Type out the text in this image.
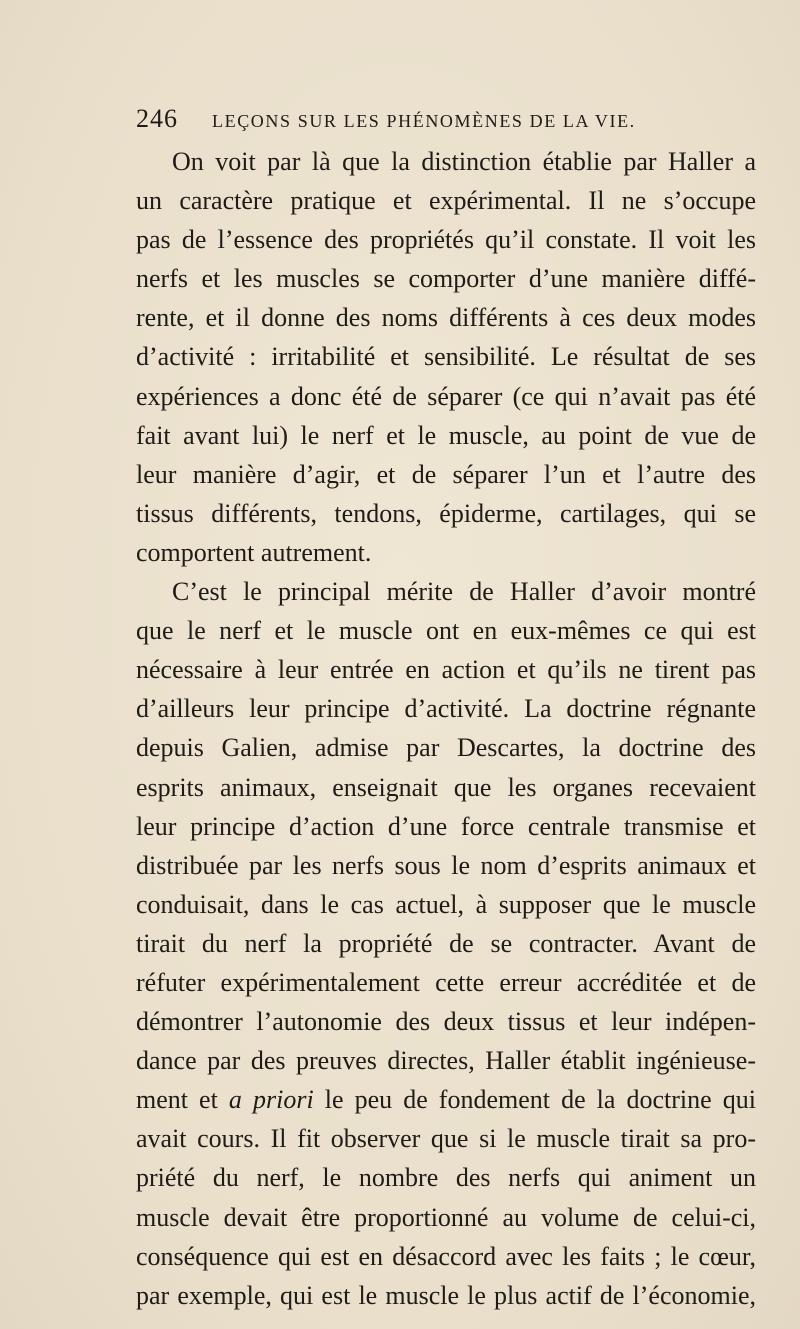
246 LEÇONS SUR LES PHÉNOMÈNES DE LA VIE.
On voit par là que la distinction établie par Haller a
un caractère pratique et expérimental. Il ne s’occupe
pas de l’essence des propriétés qu’il constate. Il voit les
nerfs et les muscles se comporter d’une manière diffé-
rente, et il donne des noms différents à ces deux modes
d’activité : irritabilité et sensibilité. Le résultat de ses
expériences a donc été de séparer (ce qui n’avait pas été
fait avant lui) le nerf et le muscle, au point de vue de
leur manière d’agir, et de séparer l’un et l’autre des
tissus différents, tendons, épiderme, cartilages, qui se
comportent autrement.
C’est le principal mérite de Haller d’avoir montré
que le nerf et le muscle ont en eux-mêmes ce qui est
nécessaire à leur entrée en action et qu’ils ne tirent pas
d’ailleurs leur principe d’activité. La doctrine régnante
depuis Galien, admise par Descartes, la doctrine des
esprits animaux, enseignait que les organes recevaient
leur principe d’action d’une force centrale transmise et
distribuée par les nerfs sous le nom d’esprits animaux et
conduisait, dans le cas actuel, à supposer que le muscle
tirait du nerf la propriété de se contracter. Avant de
réfuter expérimentalement cette erreur accréditée et de
démontrer l’autonomie des deux tissus et leur indépen-
dance par des preuves directes, Haller établit ingénieuse-
ment et a priori le peu de fondement de la doctrine qui
avait cours. Il fit observer que si le muscle tirait sa pro-
priété du nerf, le nombre des nerfs qui animent un
muscle devait être proportionné au volume de celui-ci,
conséquence qui est en désaccord avec les faits ; le cœur,
par exemple, qui est le muscle le plus actif de l’économie,
